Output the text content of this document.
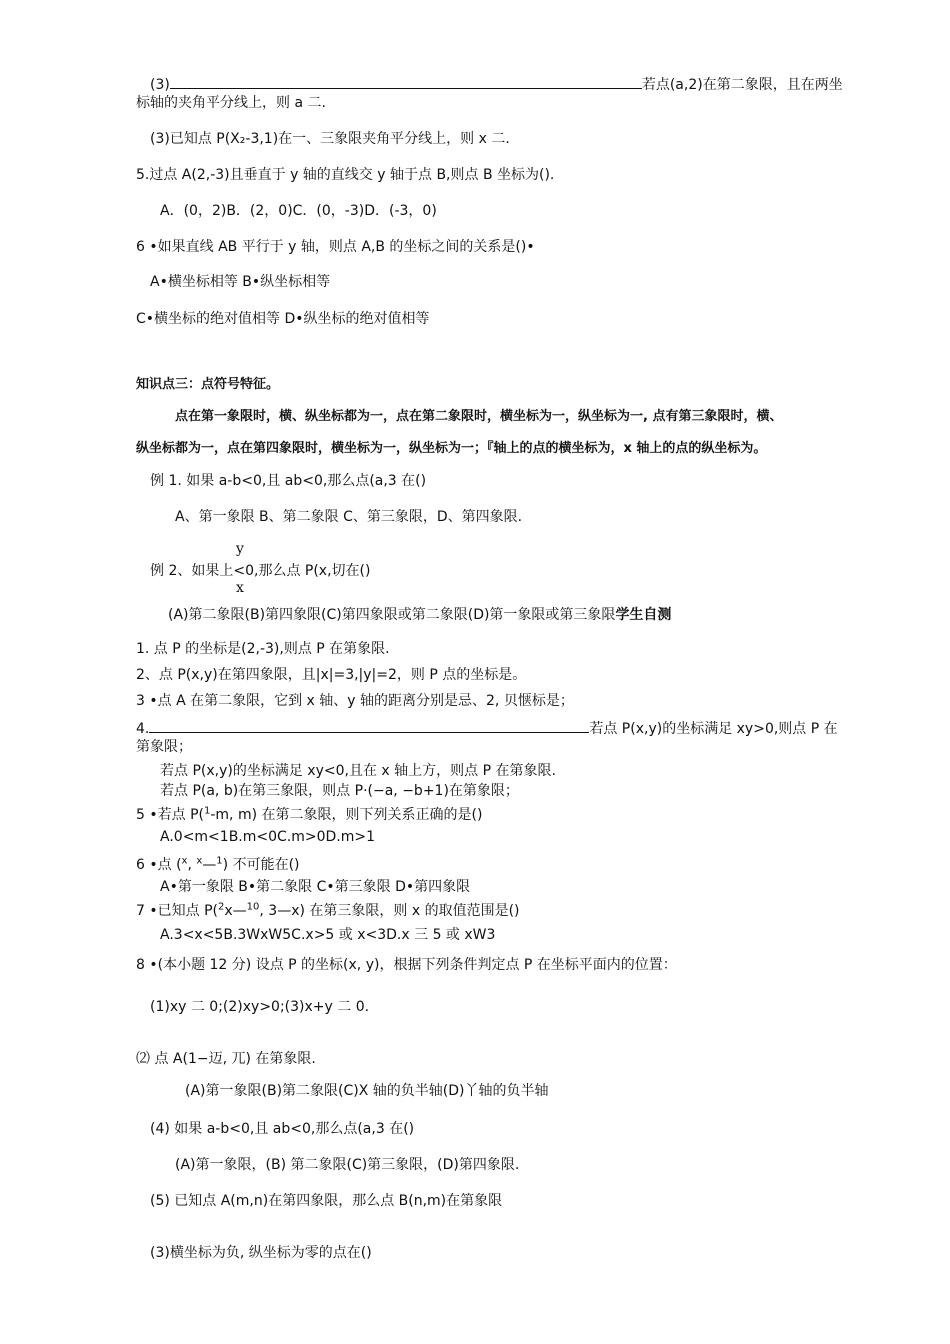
(3)	若点(a,2)在第二象限，且在两坐
标轴的夹角平分线上，则 a 二.
(3)已知点 P(X₂-3,1)在一、三象限夹角平分线上，则 x 二.
5.过点 A(2,-3)且垂直于 y 轴的直线交 y 轴于点 B,则点 B 坐标为().
A．(0，2)B．(2，0)C．(0，-3)D．(-3，0)
6 •如果直线 AB 平行于 y 轴，则点 A,B 的坐标之间的关系是()•
A•横坐标相等 B•纵坐标相等
C•横坐标的绝对值相等 D•纵坐标的绝对值相等
知识点三：点符号特征。
点在第一象限时，横、纵坐标都为一，点在第二象限时，横坐标为一，纵坐标为一, 点有第三象限时，横、
纵坐标都为一，点在第四象限时，横坐标为一，纵坐标为一；『轴上的点的横坐标为，x 轴上的点的纵坐标为。
例 1. 如果 a-b<0,且 ab<0,那么点(a,3 在()
A、第一象限 B、第二象限 C、第三象限，D、第四象限.
y
例 2、如果上<0,那么点 P(x,切在()
x
(A)第二象限(B)第四象限(C)第四象限或第二象限(D)第一象限或第三象限学生自测
1. 点 P 的坐标是(2,-3),则点 P 在第象限.
2、点 P(x,y)在第四象限，且|x|=3,|y|=2，则 P 点的坐标是。
3 •点 A 在第二象限，它到 x 轴、y 轴的距离分别是忌、2, 贝惬标是；
4.	若点 P(x,y)的坐标满足 xy>0,则点 P 在
第象限；
若点 P(x,y)的坐标满足 xy<0,且在 x 轴上方，则点 P 在第象限.
若点 P(a, b)在第三象限，则点 P·(−a, −b+1)在第象限；
5 •若点 P($^1$-m, m) 在第二象限，则下列关系正确的是()
A.0<m<1B.m<0C.m>0D.m>1
6 •点 ($^x$, $^x$—$^1$) 不可能在()
A•第一象限 B•第二象限 C•第三象限 D•第四象限
7 •已知点 P($^2$x—$^{10}$, 3—x) 在第三象限，则 x 的取值范围是()
A.3<x<5B.3WxW5C.x>5 或 x<3D.x 三 5 或 xW3
8 •(本小题 12 分) 设点 P 的坐标(x, y)，根据下列条件判定点 P 在坐标平面内的位置：
(1)xy 二 0;(2)xy>0;(3)x+y 二 0.
⑵ 点 A(1−迈, 兀) 在第象限.
(A)第一象限(B)第二象限(C)X 轴的负半轴(D)丫轴的负半轴
(4) 如果 a-b<0,且 ab<0,那么点(a,3 在()
(A)第一象限，(B) 第二象限(C)第三象限，(D)第四象限.
(5) 已知点 A(m,n)在第四象限，那么点 B(n,m)在第象限
(3)横坐标为负, 纵坐标为零的点在()
